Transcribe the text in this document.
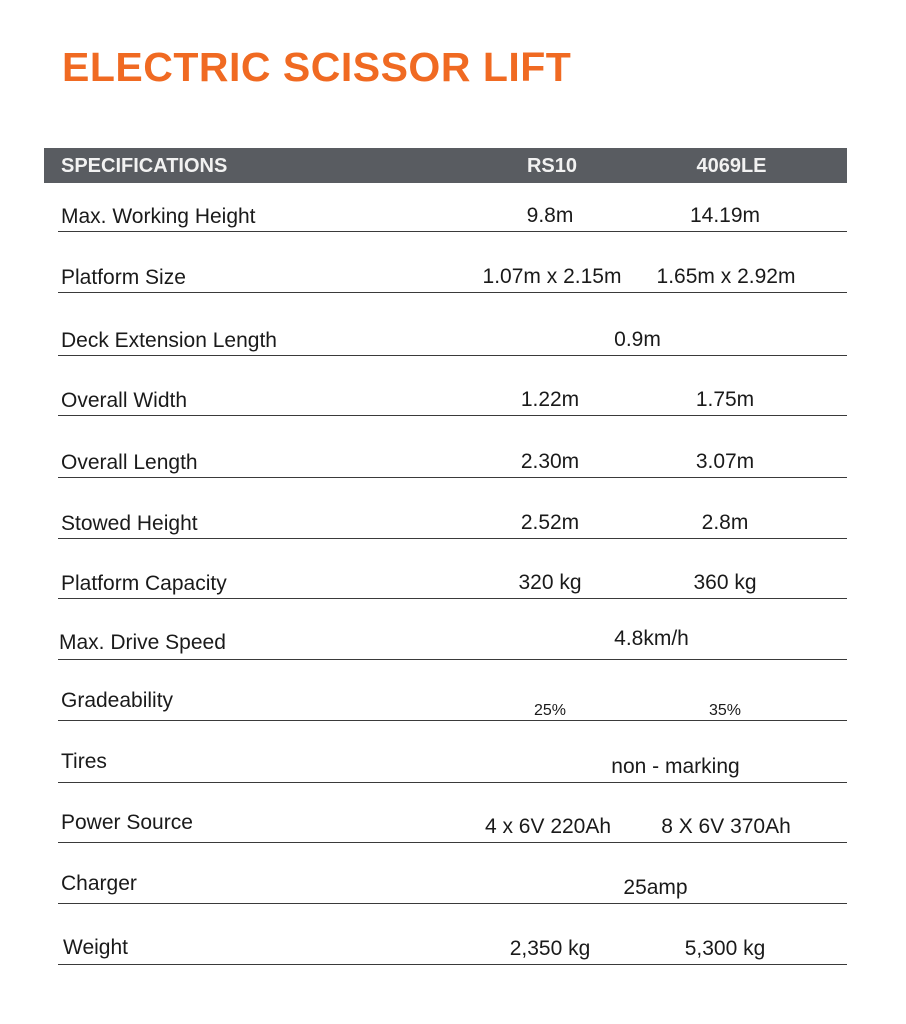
ELECTRIC SCISSOR LIFT
SPECIFICATIONS	RS10	4069LE
Max. Working Height	9.8m	14.19m
Platform Size	1.07m x 2.15m	1.65m x 2.92m
Deck Extension Length	0.9m
Overall Width	1.22m	1.75m
Overall Length	2.30m	3.07m
Stowed Height	2.52m	2.8m
Platform Capacity	320 kg	360 kg
Max. Drive Speed	4.8km/h
Gradeability	25%	35%
Tires	non - marking
Power Source	4 x 6V 220Ah	8 X 6V 370Ah
Charger	25amp
Weight	2,350 kg	5,300 kg
